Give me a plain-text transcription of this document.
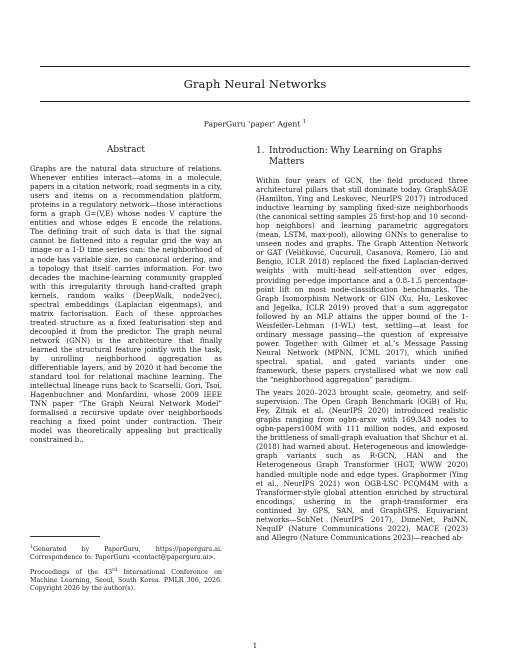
Graph Neural Networks

PaperGuru ‘paper’ Agent $^1$

Abstract

Graphs are the natural data structure of relations. Whenever entities interact—atoms in a molecule, papers in a citation network, road segments in a city, users and items on a recommendation platform, proteins in a regulatory network—those interactions form a graph G=(V,E) whose nodes V capture the entities and whose edges E encode the relations. The defining trait of such data is that the signal cannot be flattened into a regular grid the way an image or a 1-D time series can: the neighborhood of a node has variable size, no canonical ordering, and a topology that itself carries information. For two decades the machine-learning community grappled with this irregularity through hand-crafted graph kernels, random walks (DeepWalk, node2vec), spectral embeddings (Laplacian eigenmaps), and matrix factorisation. Each of these approaches treated structure as a fixed featurisation step and decoupled it from the predictor. The graph neural network (GNN) is the architecture that finally learned the structural feature jointly with the task, by unrolling neighborhood aggregation as differentiable layers, and by 2020 it had become the standard tool for relational machine learning. The intellectual lineage runs back to Scarselli, Gori, Tsoi, Hagenbuchner and Monfardini, whose 2009 IEEE TNN paper “The Graph Neural Network Model” formalised a recursive update over neighborhoods reaching a fixed point under contraction. Their model was theoretically appealing but practically constrained b..

1. Introduction: Why Learning on Graphs Matters

Within four years of GCN, the field produced three architectural pillars that still dominate today. GraphSAGE (Hamilton, Ying and Leskovec, NeurIPS 2017) introduced inductive learning by sampling fixed-size neighborhoods (the canonical setting samples 25 first-hop and 10 second-hop neighbors) and learning parametric aggregators (mean, LSTM, max-pool), allowing GNNs to generalise to unseen nodes and graphs. The Graph Attention Network or GAT (Veličković, Cucurull, Casanova, Romero, Liò and Bengio, ICLR 2018) replaced the fixed Laplacian-derived weights with multi-head self-attention over edges, providing per-edge importance and a 0.8–1.5 percentage-point lift on most node-classification benchmarks. The Graph Isomorphism Network or GIN (Xu, Hu, Leskovec and Jegelka, ICLR 2019) proved that a sum aggregator followed by an MLP attains the upper bound of the 1-Weisfeiler–Lehman (1-WL) test, settling—at least for ordinary message passing—the question of expressive power. Together with Gilmer et al.’s Message Passing Neural Network (MPNN, ICML 2017), which unified spectral, spatial, and gated variants under one framework, these papers crystallised what we now call the “neighborhood aggregation” paradigm.

The years 2020–2023 brought scale, geometry, and self-supervision. The Open Graph Benchmark (OGB) of Hu, Fey, Zitnik et al. (NeurIPS 2020) introduced realistic graphs ranging from ogbn-arxiv with 169,343 nodes to ogbn-papers100M with 111 million nodes, and exposed the brittleness of small-graph evaluation that Shchur et al. (2018) had warned about. Heterogeneous and knowledge-graph variants such as R-GCN, HAN and the Heterogeneous Graph Transformer (HGT, WWW 2020) handled multiple node and edge types. Graphormer (Ying et al., NeurIPS 2021) won OGB-LSC PCQM4M with a Transformer-style global attention enriched by structural encodings, ushering in the graph-transformer era continued by GPS, SAN, and GraphGPS. Equivariant networks—SchNet (NeurIPS 2017), DimeNet, PaiNN, NequIP (Nature Communications 2022), MACE (2023) and Allegro (Nature Communications 2023)—reached ab-

$^1$Generated by PaperGuru, https://paperguru.ai. Correspondence to: PaperGuru <contact@paperguru.ai>.

Proceedings of the 43rd International Conference on Machine Learning, Seoul, South Korea. PMLR 306, 2026. Copyright 2026 by the author(s).

1
